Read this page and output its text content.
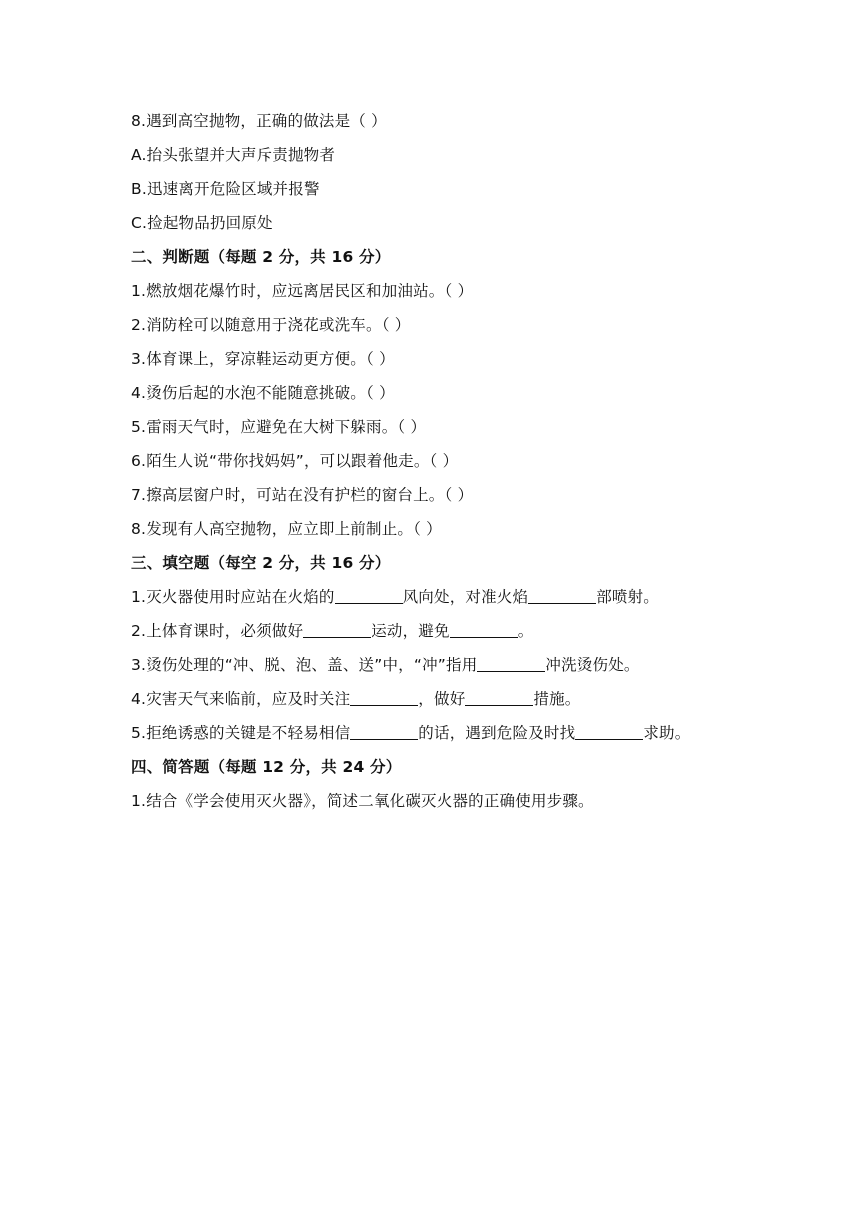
8.遇到高空抛物，正确的做法是（ ）
A.抬头张望并大声斥责抛物者
B.迅速离开危险区域并报警
C.捡起物品扔回原处
二、判断题（每题 2 分，共 16 分）
1.燃放烟花爆竹时，应远离居民区和加油站。（ ）
2.消防栓可以随意用于浇花或洗车。（ ）
3.体育课上，穿凉鞋运动更方便。（ ）
4.烫伤后起的水泡不能随意挑破。（ ）
5.雷雨天气时，应避免在大树下躲雨。（ ）
6.陌生人说“带你找妈妈”，可以跟着他走。（ ）
7.擦高层窗户时，可站在没有护栏的窗台上。（ ）
8.发现有人高空抛物，应立即上前制止。（ ）
三、填空题（每空 2 分，共 16 分）
1.灭火器使用时应站在火焰的	风向处，对准火焰	部喷射。
2.上体育课时，必须做好	运动，避免	。
3.烫伤处理的“冲、脱、泡、盖、送”中，“冲”指用	冲洗烫伤处。
4.灾害天气来临前，应及时关注	，做好	措施。
5.拒绝诱惑的关键是不轻易相信	的话，遇到危险及时找	求助。
四、简答题（每题 12 分，共 24 分）
1.结合《学会使用灭火器》，简述二氧化碳灭火器的正确使用步骤。
